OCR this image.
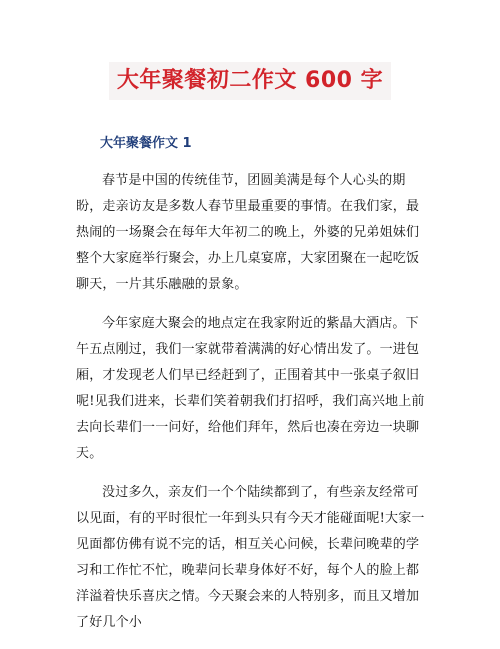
大年聚餐初二作文 600 字
大年聚餐作文 1

春节是中国的传统佳节，团圆美满是每个人心头的期盼，走亲访友是多数人春节里最重要的事情。在我们家，最热闹的一场聚会在每年大年初二的晚上，外婆的兄弟姐妹们整个大家庭举行聚会，办上几桌宴席，大家团聚在一起吃饭聊天，一片其乐融融的景象。

今年家庭大聚会的地点定在我家附近的紫晶大酒店。下午五点刚过，我们一家就带着满满的好心情出发了。一进包厢，才发现老人们早已经赶到了，正围着其中一张桌子叙旧呢!见我们进来，长辈们笑着朝我们打招呼，我们高兴地上前去向长辈们一一问好，给他们拜年，然后也凑在旁边一块聊天。

没过多久，亲友们一个个陆续都到了，有些亲友经常可以见面，有的平时很忙一年到头只有今天才能碰面呢!大家一见面都仿佛有说不完的话，相互关心问候，长辈问晚辈的学习和工作忙不忙，晚辈问长辈身体好不好，每个人的脸上都洋溢着快乐喜庆之情。今天聚会来的人特别多，而且又增加了好几个小
